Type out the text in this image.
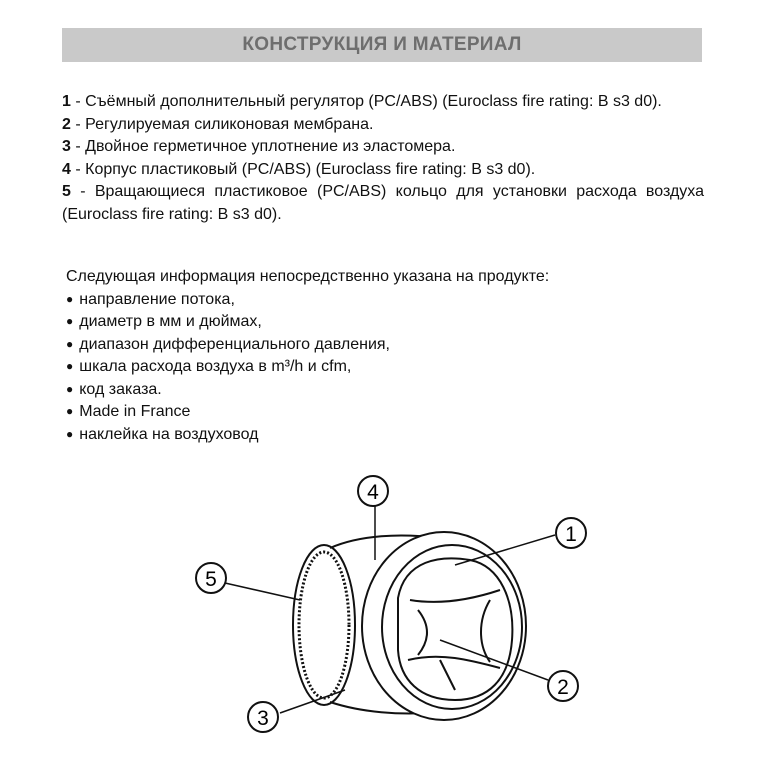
КОНСТРУКЦИЯ И МАТЕРИАЛ

1 - Съёмный дополнительный регулятор (PC/ABS) (Euroclass fire rating: B s3 d0).

2 - Регулируемая силиконовая мембрана.

3 - Двойное герметичное уплотнение из эластомера.

4 - Корпус пластиковый (PC/ABS) (Euroclass fire rating: B s3 d0).

5 - Вращающиеся пластиковое (PC/ABS) кольцо для установки расхода воздуха (Euroclass fire rating: B s3 d0).

Следующая информация непосредственно указана на продукте:
● направление потока,
● диаметр в мм и дюймах,
● диапазон дифференциального давления,
● шкала расхода воздуха в m³/h и cfm,
● код заказа.
● Made in France
● наклейка на воздуховод
4
1
5
2
3
